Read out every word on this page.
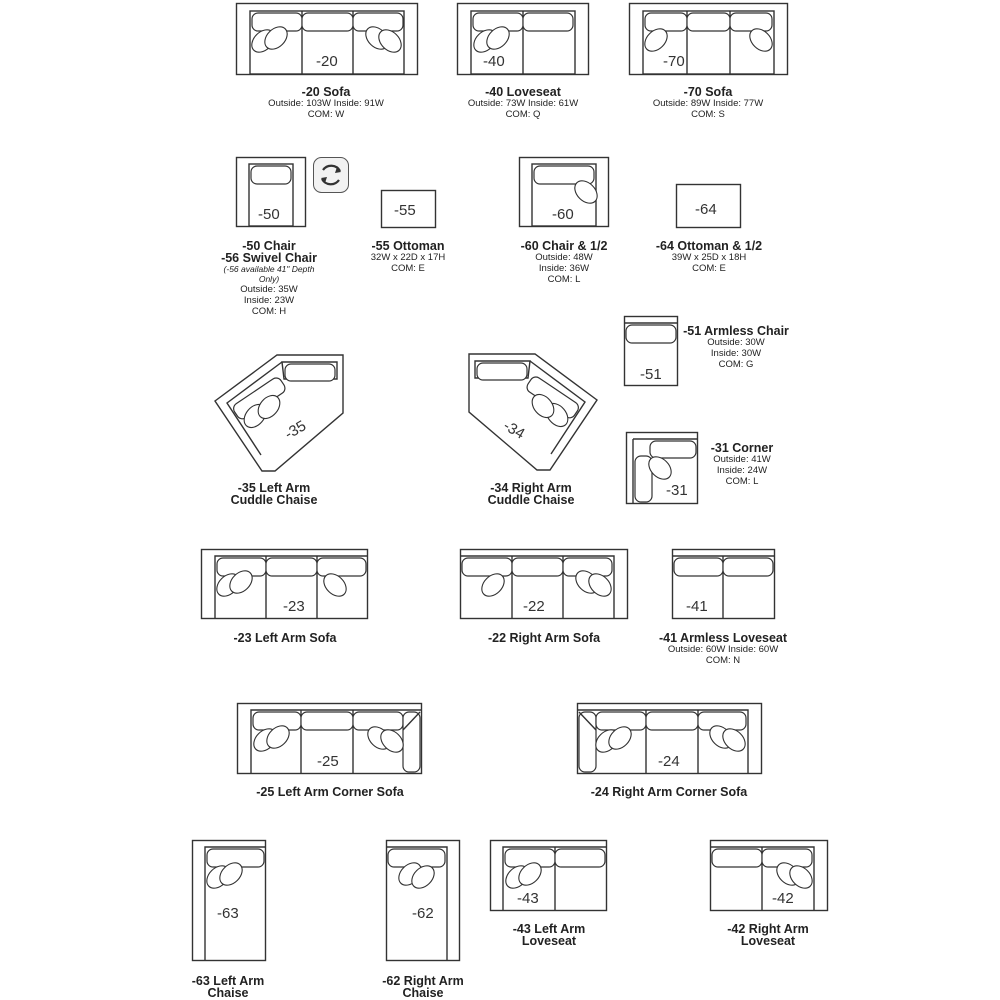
-20
-20 Sofa
Outside: 103W Inside: 91W
COM: W
-40
-40 Loveseat
Outside: 73W Inside: 61W
COM: Q
-70
-70 Sofa
Outside: 89W Inside: 77W
COM: S
-50
-50 Chair
-56 Swivel Chair
(-56 available 41" Depth
Only)
Outside: 35W
Inside: 23W
COM: H
-55
-55 Ottoman
32W x 22D x 17H
COM: E
-60
-60 Chair & 1/2
Outside: 48W
Inside: 36W
COM: L
-64
-64 Ottoman & 1/2
39W x 25D x 18H
COM: E
-51
-51 Armless Chair
Outside: 30W
Inside: 30W
COM: G
-35
-35 Left Arm
Cuddle Chaise
-34
-34 Right Arm
Cuddle Chaise
-31
-31 Corner
Outside: 41W
Inside: 24W
COM: L
-23
-23 Left Arm Sofa
-22
-22 Right Arm Sofa
-41
-41 Armless Loveseat
Outside: 60W Inside: 60W
COM: N
-25
-25 Left Arm Corner Sofa
-24
-24 Right Arm Corner Sofa
-63
-63 Left Arm
Chaise
-62
-62 Right Arm
Chaise
-43
-43 Left Arm
Loveseat
-42
-42 Right Arm
Loveseat
